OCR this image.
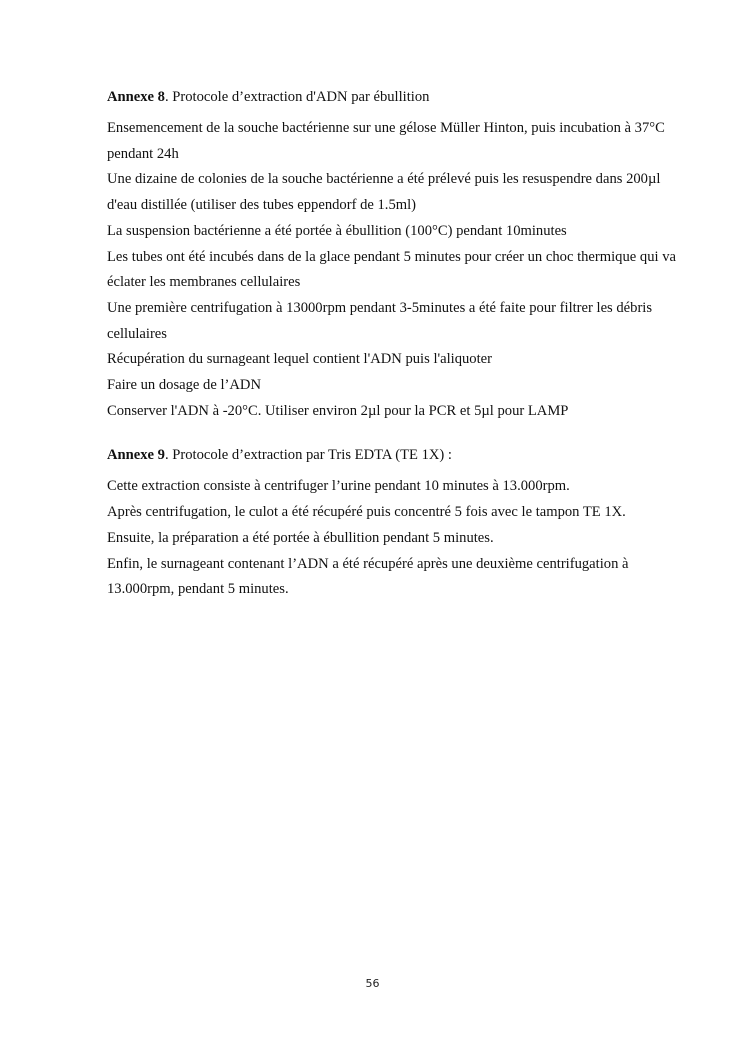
Annexe 8. Protocole d’extraction d'ADN par ébullition

Ensemencement de la souche bactérienne sur une gélose Müller Hinton, puis incubation à 37°C pendant 24h

Une dizaine de colonies de la souche bactérienne a été prélevé puis les resuspendre dans 200µl d'eau distillée (utiliser des tubes eppendorf de 1.5ml)

La suspension bactérienne a été portée à ébullition (100°C) pendant 10minutes

Les tubes ont été incubés dans de la glace pendant 5 minutes pour créer un choc thermique qui va éclater les membranes cellulaires

Une première centrifugation à 13000rpm pendant 3-5minutes a été faite pour filtrer les débris cellulaires

Récupération du surnageant lequel contient l'ADN puis l'aliquoter

Faire un dosage de l’ADN

Conserver l'ADN à -20°C. Utiliser environ 2µl pour la PCR et 5µl pour LAMP

Annexe 9. Protocole d’extraction par Tris EDTA (TE 1X) :

Cette extraction consiste à centrifuger l’urine pendant 10 minutes à 13.000rpm.

Après centrifugation, le culot a été récupéré puis concentré 5 fois avec le tampon TE 1X.

Ensuite, la préparation a été portée à ébullition pendant 5 minutes.

Enfin, le surnageant contenant l’ADN a été récupéré après une deuxième centrifugation à 13.000rpm, pendant 5 minutes.

56
